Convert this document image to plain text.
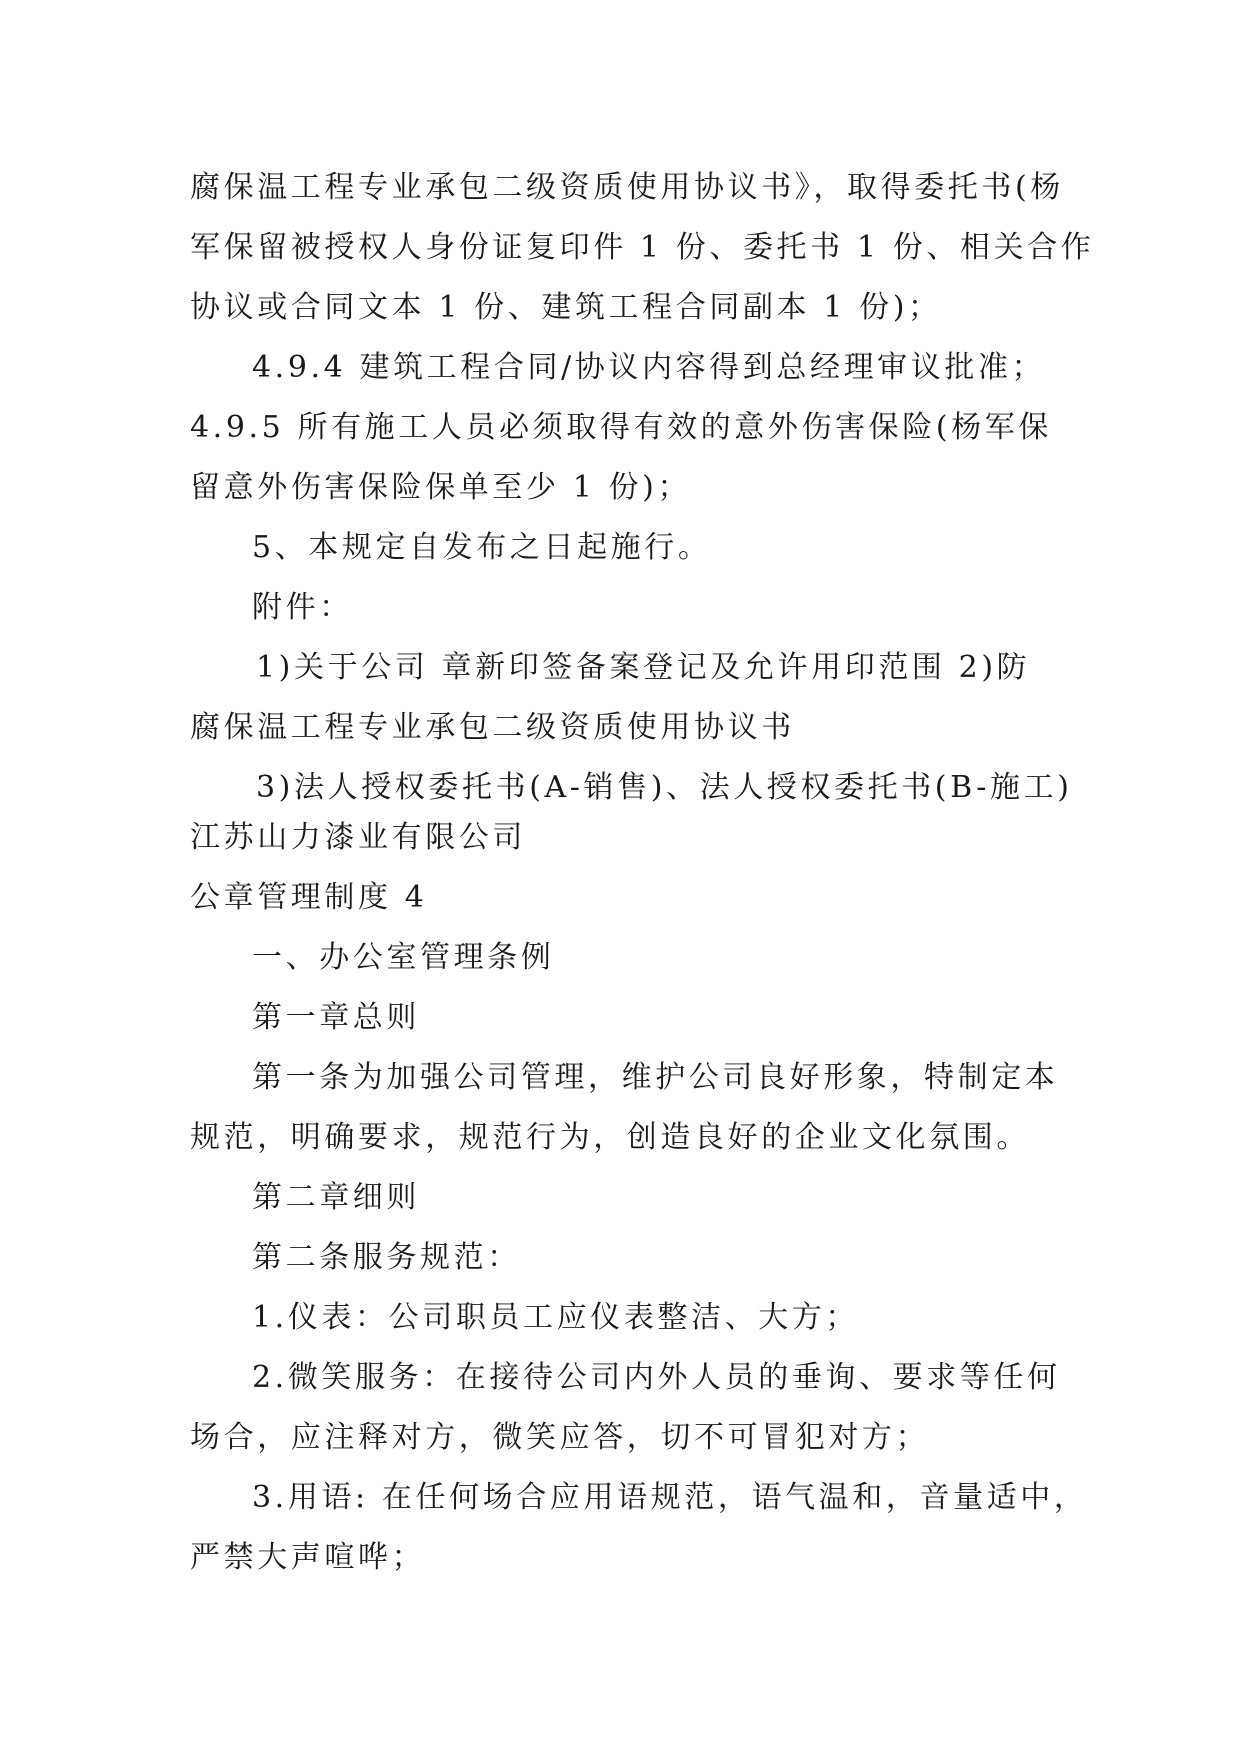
腐保温工程专业承包二级资质使用协议书》，取得委托书(杨

军保留被授权人身份证复印件 1 份、委托书 1 份、相关合作

协议或合同文本 1 份、建筑工程合同副本 1 份)；

4.9.4 建筑工程合同/协议内容得到总经理审议批准；

4.9.5 所有施工人员必须取得有效的意外伤害保险(杨军保

留意外伤害保险保单至少 1 份)；

5、本规定自发布之日起施行。

附件：

1)关于公司 章新印签备案登记及允许用印范围 2)防

腐保温工程专业承包二级资质使用协议书

3)法人授权委托书(A-销售)、法人授权委托书(B-施工)

江苏山力漆业有限公司

公章管理制度 4

一、办公室管理条例

第一章总则

第一条为加强公司管理，维护公司良好形象，特制定本

规范，明确要求，规范行为，创造良好的企业文化氛围。

第二章细则

第二条服务规范：

1.仪表：公司职员工应仪表整洁、大方；

2.微笑服务：在接待公司内外人员的垂询、要求等任何

场合，应注释对方，微笑应答，切不可冒犯对方；

3.用语: 在任何场合应用语规范，语气温和，音量适中，

严禁大声喧哗；
